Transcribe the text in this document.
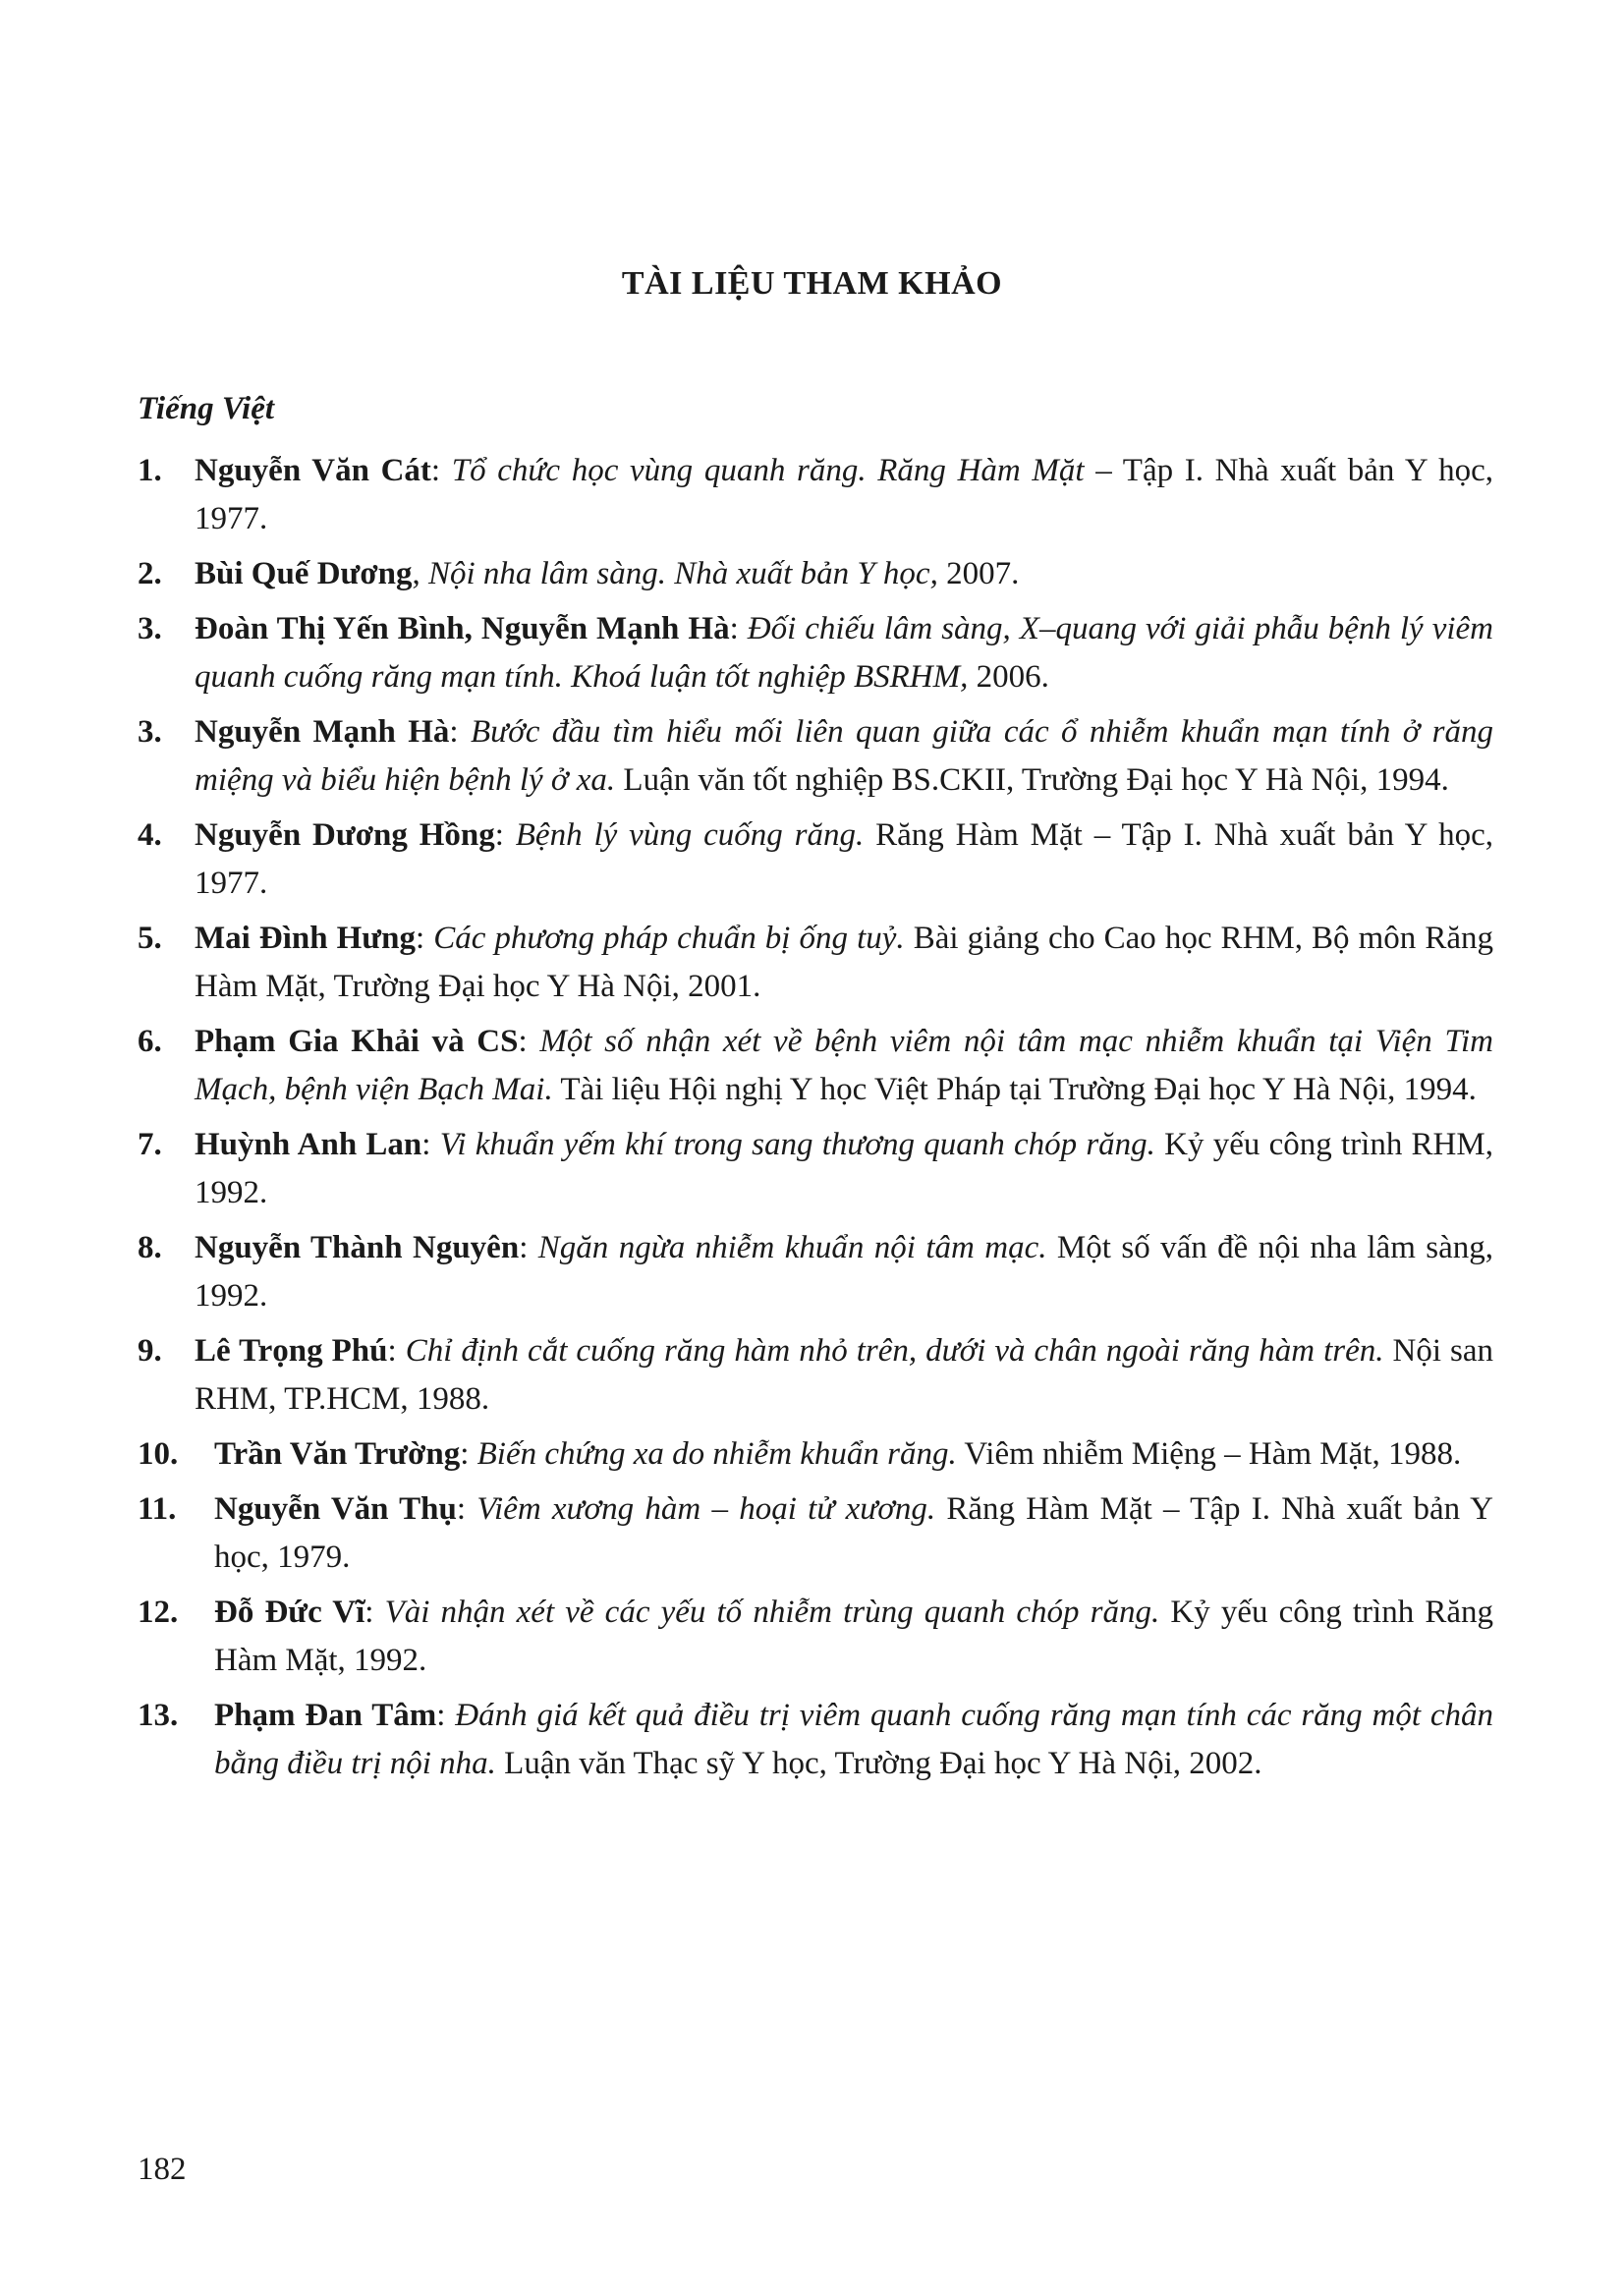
TÀI LIỆU THAM KHẢO
Tiếng Việt
1. Nguyễn Văn Cát: Tổ chức học vùng quanh răng. Răng Hàm Mặt – Tập I. Nhà xuất bản Y học, 1977.
2. Bùi Quế Dương, Nội nha lâm sàng. Nhà xuất bản Y học, 2007.
3. Đoàn Thị Yến Bình, Nguyễn Mạnh Hà: Đối chiếu lâm sàng, X–quang với giải phẫu bệnh lý viêm quanh cuống răng mạn tính. Khoá luận tốt nghiệp BSRHM, 2006.
3. Nguyễn Mạnh Hà: Bước đầu tìm hiểu mối liên quan giữa các ổ nhiễm khuẩn mạn tính ở răng miệng và biểu hiện bệnh lý ở xa. Luận văn tốt nghiệp BS.CKII, Trường Đại học Y Hà Nội, 1994.
4. Nguyễn Dương Hồng: Bệnh lý vùng cuống răng. Răng Hàm Mặt – Tập I. Nhà xuất bản Y học, 1977.
5. Mai Đình Hưng: Các phương pháp chuẩn bị ống tuỷ. Bài giảng cho Cao học RHM, Bộ môn Răng Hàm Mặt, Trường Đại học Y Hà Nội, 2001.
6. Phạm Gia Khải và CS: Một số nhận xét về bệnh viêm nội tâm mạc nhiễm khuẩn tại Viện Tim Mạch, bệnh viện Bạch Mai. Tài liệu Hội nghị Y học Việt Pháp tại Trường Đại học Y Hà Nội, 1994.
7. Huỳnh Anh Lan: Vi khuẩn yếm khí trong sang thương quanh chóp răng. Kỷ yếu công trình RHM, 1992.
8. Nguyễn Thành Nguyên: Ngăn ngừa nhiễm khuẩn nội tâm mạc. Một số vấn đề nội nha lâm sàng, 1992.
9. Lê Trọng Phú: Chỉ định cắt cuống răng hàm nhỏ trên, dưới và chân ngoài răng hàm trên. Nội san RHM, TP.HCM, 1988.
10. Trần Văn Trường: Biến chứng xa do nhiễm khuẩn răng. Viêm nhiễm Miệng – Hàm Mặt, 1988.
11. Nguyễn Văn Thụ: Viêm xương hàm – hoại tử xương. Răng Hàm Mặt – Tập I. Nhà xuất bản Y học, 1979.
12. Đỗ Đức Vĩ: Vài nhận xét về các yếu tố nhiễm trùng quanh chóp răng. Kỷ yếu công trình Răng Hàm Mặt, 1992.
13. Phạm Đan Tâm: Đánh giá kết quả điều trị viêm quanh cuống răng mạn tính các răng một chân bằng điều trị nội nha. Luận văn Thạc sỹ Y học, Trường Đại học Y Hà Nội, 2002.
182
